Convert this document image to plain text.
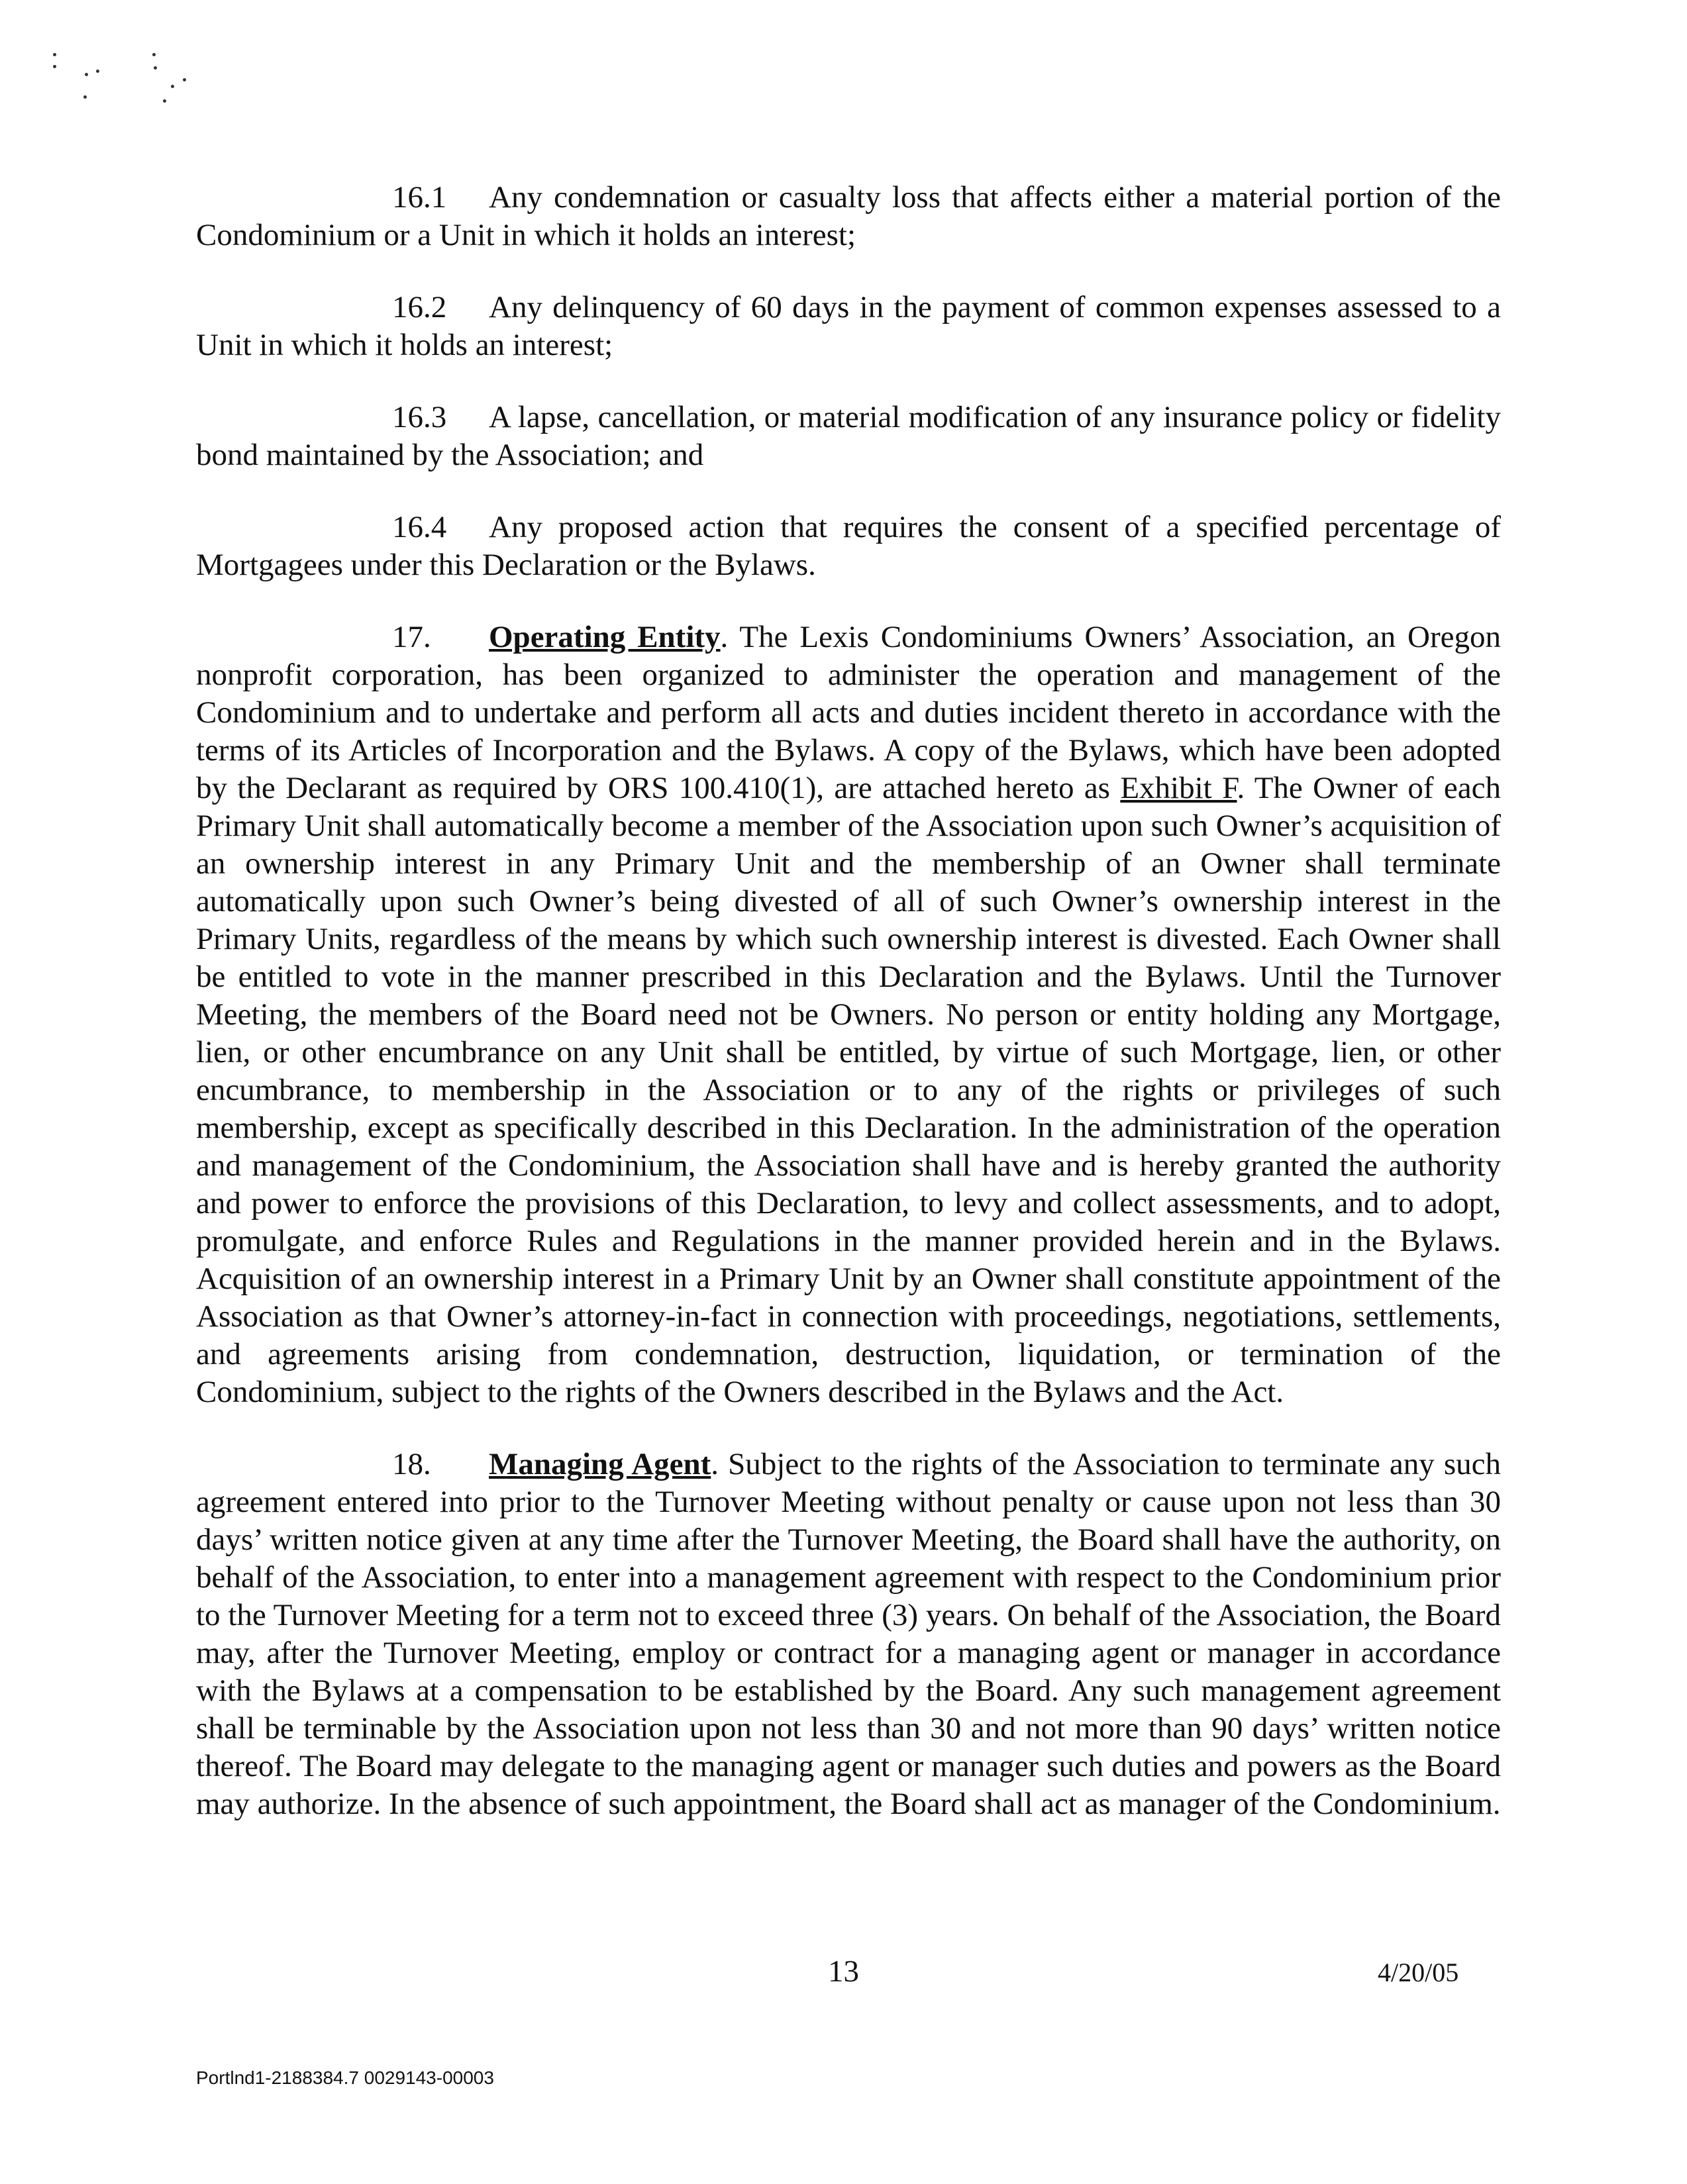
16.1 Any condemnation or casualty loss that affects either a material portion of the Condominium or a Unit in which it holds an interest;

16.2 Any delinquency of 60 days in the payment of common expenses assessed to a Unit in which it holds an interest;

16.3 A lapse, cancellation, or material modification of any insurance policy or fidelity bond maintained by the Association; and

16.4 Any proposed action that requires the consent of a specified percentage of Mortgagees under this Declaration or the Bylaws.

17. Operating Entity. The Lexis Condominiums Owners’ Association, an Oregon nonprofit corporation, has been organized to administer the operation and management of the Condominium and to undertake and perform all acts and duties incident thereto in accordance with the terms of its Articles of Incorporation and the Bylaws. A copy of the Bylaws, which have been adopted by the Declarant as required by ORS 100.410(1), are attached hereto as Exhibit F. The Owner of each Primary Unit shall automatically become a member of the Association upon such Owner’s acquisition of an ownership interest in any Primary Unit and the membership of an Owner shall terminate automatically upon such Owner’s being divested of all of such Owner’s ownership interest in the Primary Units, regardless of the means by which such ownership interest is divested. Each Owner shall be entitled to vote in the manner prescribed in this Declaration and the Bylaws. Until the Turnover Meeting, the members of the Board need not be Owners. No person or entity holding any Mortgage, lien, or other encumbrance on any Unit shall be entitled, by virtue of such Mortgage, lien, or other encumbrance, to membership in the Association or to any of the rights or privileges of such membership, except as specifically described in this Declaration. In the administration of the operation and management of the Condominium, the Association shall have and is hereby granted the authority and power to enforce the provisions of this Declaration, to levy and collect assessments, and to adopt, promulgate, and enforce Rules and Regulations in the manner provided herein and in the Bylaws. Acquisition of an ownership interest in a Primary Unit by an Owner shall constitute appointment of the Association as that Owner’s attorney-in-fact in connection with proceedings, negotiations, settlements, and agreements arising from condemnation, destruction, liquidation, or termination of the Condominium, subject to the rights of the Owners described in the Bylaws and the Act.

18. Managing Agent. Subject to the rights of the Association to terminate any such agreement entered into prior to the Turnover Meeting without penalty or cause upon not less than 30 days’ written notice given at any time after the Turnover Meeting, the Board shall have the authority, on behalf of the Association, to enter into a management agreement with respect to the Condominium prior to the Turnover Meeting for a term not to exceed three (3) years. On behalf of the Association, the Board may, after the Turnover Meeting, employ or contract for a managing agent or manager in accordance with the Bylaws at a compensation to be established by the Board. Any such management agreement shall be terminable by the Association upon not less than 30 and not more than 90 days’ written notice thereof. The Board may delegate to the managing agent or manager such duties and powers as the Board may authorize. In the absence of such appointment, the Board shall act as manager of the Condominium.

13	4/20/05
Portlnd1-2188384.7 0029143-00003
